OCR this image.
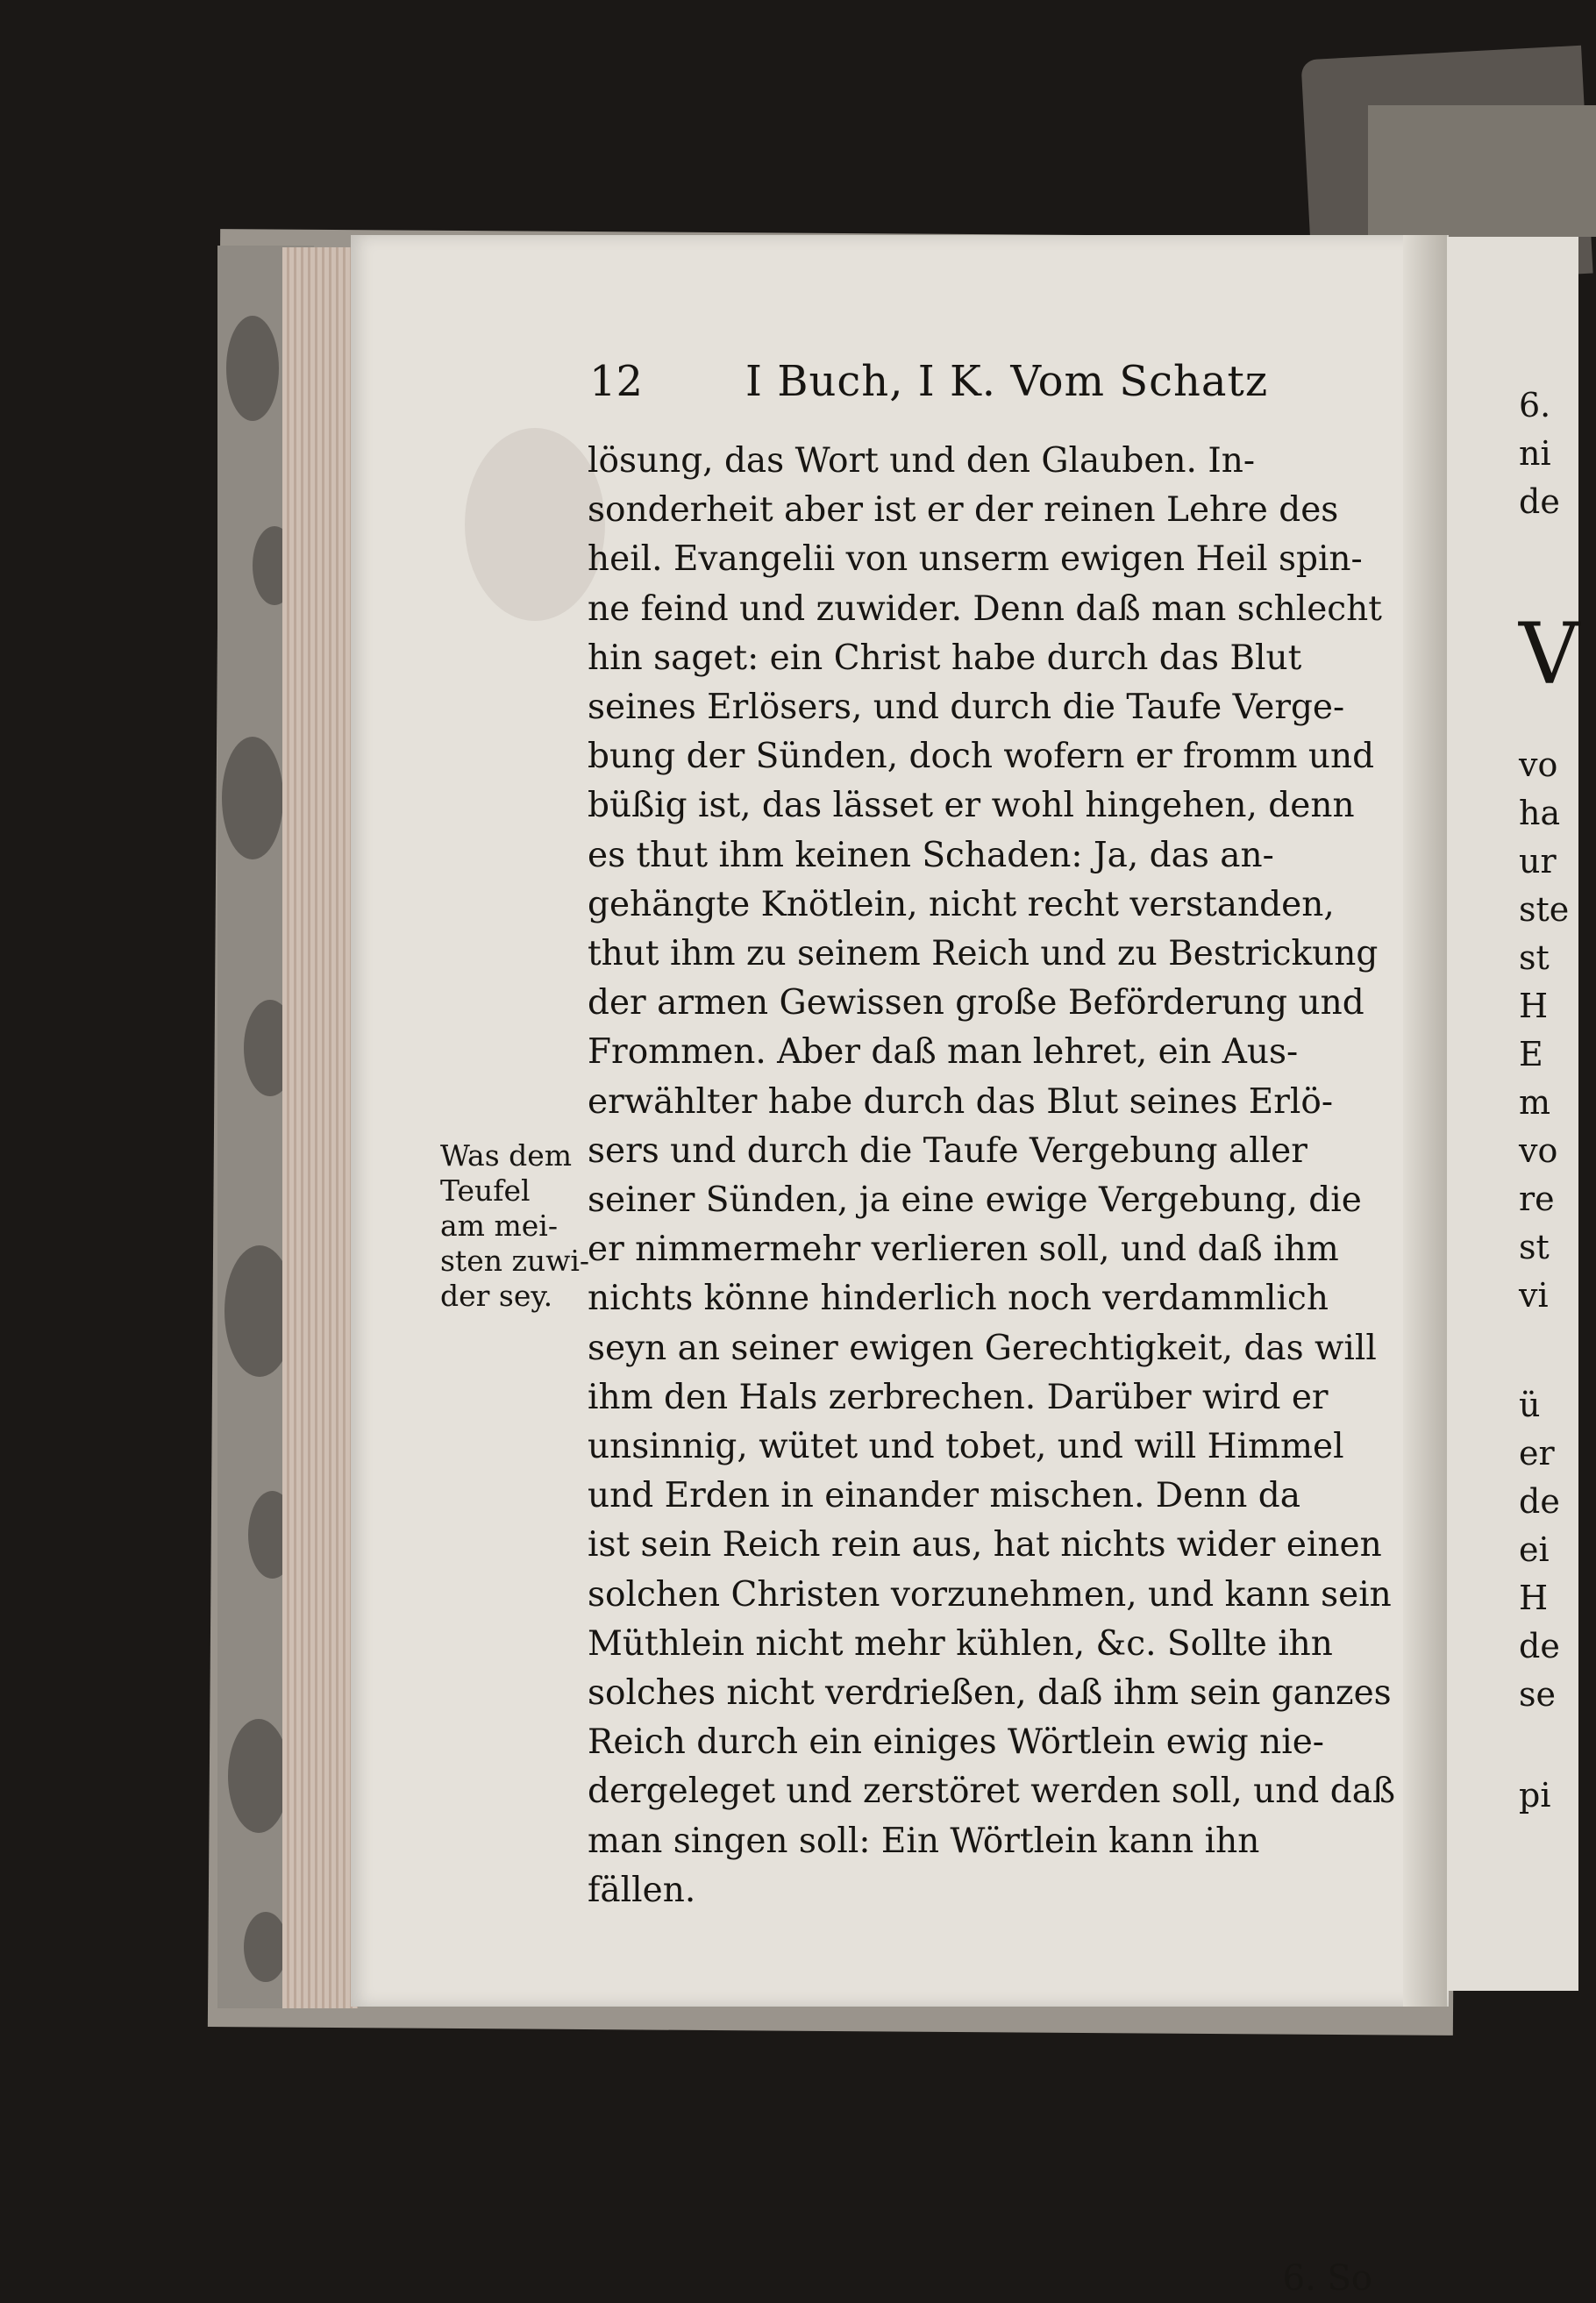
12 I Buch, I K. Vom Schatz
lösung, das Wort und den Glauben. In-
sonderheit aber ist er der reinen Lehre des
heil. Evangelii von unserm ewigen Heil spin-
ne feind und zuwider. Denn daß man schlecht
hin saget: ein Christ habe durch das Blut
seines Erlösers, und durch die Taufe Verge-
bung der Sünden, doch wofern er fromm und
büßig ist, das lässet er wohl hingehen, denn
es thut ihm keinen Schaden: Ja, das an-
gehängte Knötlein, nicht recht verstanden,
thut ihm zu seinem Reich und zu Bestrickung
der armen Gewissen große Beförderung und
Frommen. Aber daß man lehret, ein Aus-
erwählter habe durch das Blut seines Erlö-
sers und durch die Taufe Vergebung aller
seiner Sünden, ja eine ewige Vergebung, die
er nimmermehr verlieren soll, und daß ihm
nichts könne hinderlich noch verdammlich
seyn an seiner ewigen Gerechtigkeit, das will
ihm den Hals zerbrechen. Darüber wird er
unsinnig, wütet und tobet, und will Himmel
und Erden in einander mischen. Denn da
ist sein Reich rein aus, hat nichts wider einen
solchen Christen vorzunehmen, und kann sein
Müthlein nicht mehr kühlen, &c. Sollte ihn
solches nicht verdrießen, daß ihm sein ganzes
Reich durch ein einiges Wörtlein ewig nie-
dergeleget und zerstöret werden soll, und daß
man singen soll: Ein Wörtlein kann ihn
fällen.
6. So
Was dem
Teufel
am mei-
sten zuwi-
der sey.
6.
ni
de
V
vo
ha
ur
ste
st
H
E
m
vo
re
st
vi
ü
er
de
ei
H
de
se
pi
